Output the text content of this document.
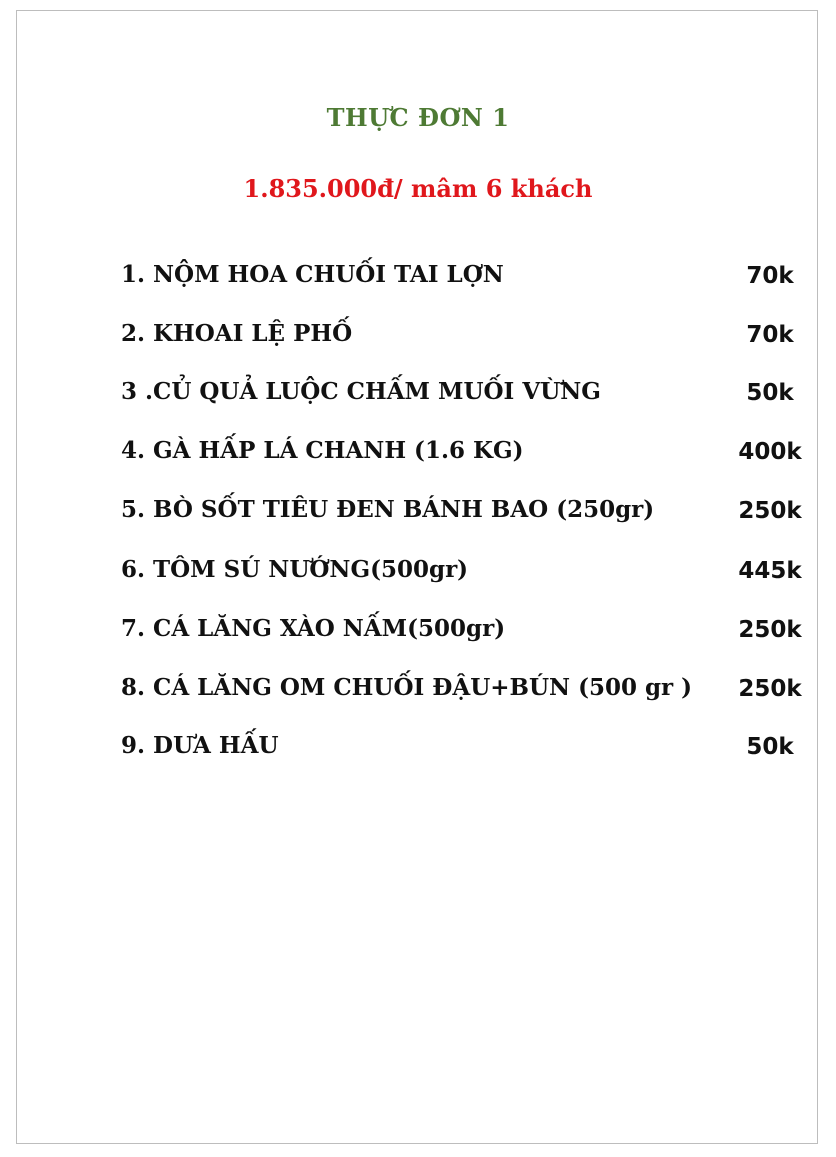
THỰC ĐƠN 1
1.835.000đ/ mâm 6 khách
1. NỘM HOA CHUỐI TAI LỢN	70k
2. KHOAI LỆ PHỐ	70k
3 .CỦ QUẢ LUỘC CHẤM MUỐI VỪNG	50k
4. GÀ HẤP LÁ CHANH (1.6 KG)	400k
5. BÒ SỐT TIÊU ĐEN BÁNH BAO (250gr)	250k
6. TÔM SÚ NƯỚNG(500gr)	445k
7. CÁ LĂNG XÀO NẤM(500gr)	250k
8. CÁ LĂNG OM CHUỐI ĐẬU+BÚN (500 gr ) 250k
9. DƯA HẤU	50k
